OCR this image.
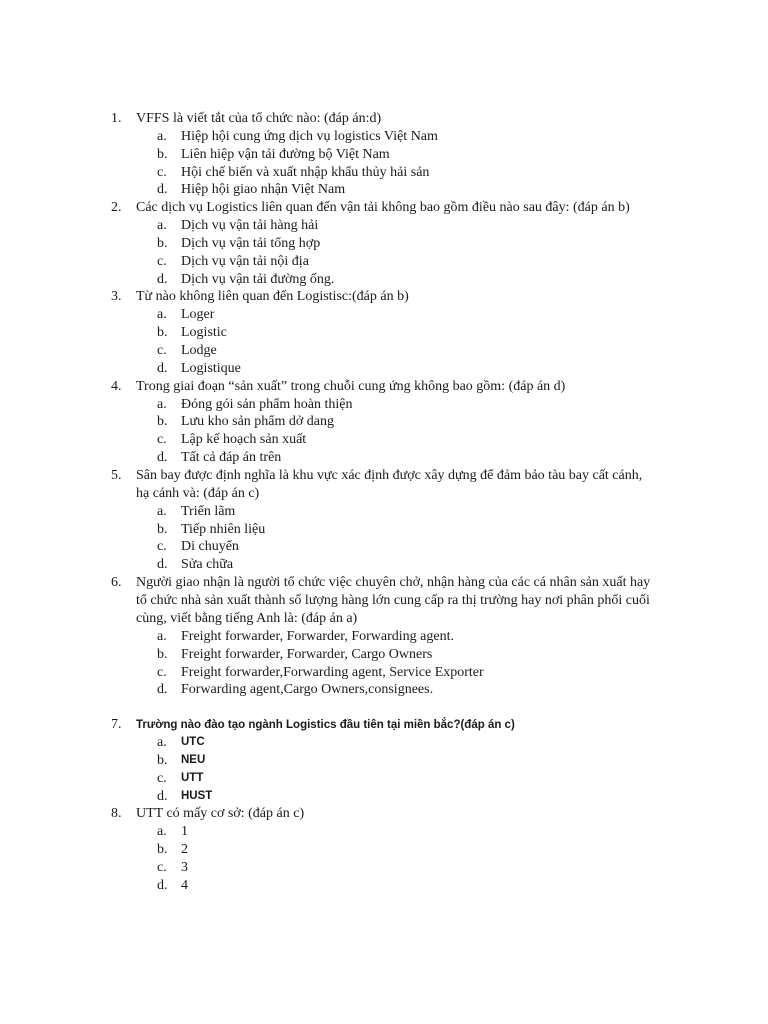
1.	VFFS là viết tắt của tổ chức nào: (đáp án:d)
a. Hiệp hội cung ứng dịch vụ logistics Việt Nam
b. Liên hiệp vận tải đường bộ Việt Nam
c. Hội chế biến và xuất nhập khẩu thủy hải sản
d. Hiệp hội giao nhận Việt Nam
2.	Các dịch vụ Logistics liên quan đến vận tải không bao gồm điều nào sau đây: (đáp án b)
a. Dịch vụ vận tải hàng hải
b. Dịch vụ vận tải tổng hợp
c. Dịch vụ vận tải nội địa
d. Dịch vụ vận tải đường ống.
3.	Từ nào không liên quan đến Logistisc:(đáp án b)
a. Loger
b. Logistic
c. Lodge
d. Logistique
4.	Trong giai đoạn “sản xuất” trong chuỗi cung ứng không bao gồm: (đáp án d)
a. Đóng gói sản phẩm hoàn thiện
b. Lưu kho sản phẩm dở dang
c. Lập kế hoạch sản xuất
d. Tất cả đáp án trên
5.	Sân bay được định nghĩa là khu vực xác định được xây dựng để đảm bảo tàu bay cất cánh, hạ cánh và: (đáp án c)
a. Triển lãm
b. Tiếp nhiên liệu
c. Di chuyển
d. Sửa chữa
6.	Người giao nhận là người tổ chức việc chuyên chở, nhận hàng của các cá nhân sản xuất hay tổ chức nhà sản xuất thành số lượng hàng lớn cung cấp ra thị trường hay nơi phân phối cuối cùng, viết bằng tiếng Anh là: (đáp án a)
a. Freight forwarder, Forwarder, Forwarding agent.
b. Freight forwarder, Forwarder, Cargo Owners
c. Freight forwarder,Forwarding agent, Service Exporter
d. Forwarding agent,Cargo Owners,consignees.
7.	Trường nào đào tạo ngành Logistics đầu tiên tại miền bắc?(đáp án c)
a. UTC
b. NEU
c. UTT
d. HUST
8.	UTT có mấy cơ sở: (đáp án c)
a. 1
b. 2
c. 3
d. 4
